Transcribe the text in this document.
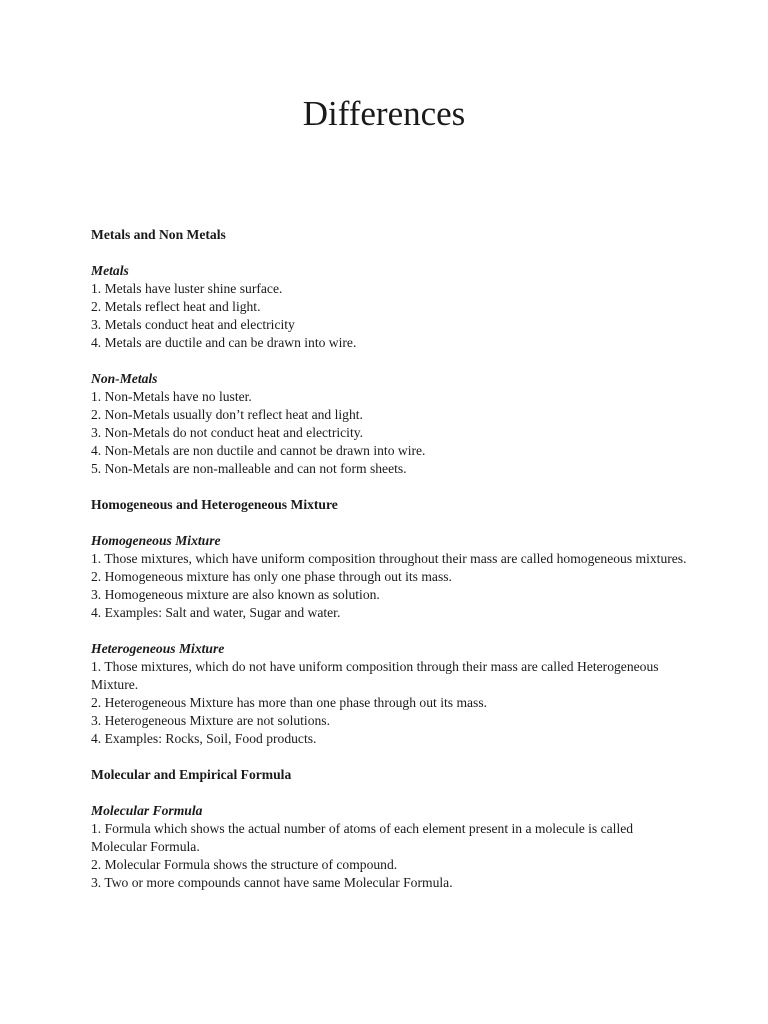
Differences
Metals and Non Metals
Metals
1. Metals have luster shine surface.
2. Metals reflect heat and light.
3. Metals conduct heat and electricity
4. Metals are ductile and can be drawn into wire.
Non-Metals
1. Non-Metals have no luster.
2. Non-Metals usually don’t reflect heat and light.
3. Non-Metals do not conduct heat and electricity.
4. Non-Metals are non ductile and cannot be drawn into wire.
5. Non-Metals are non-malleable and can not form sheets.
Homogeneous and Heterogeneous Mixture
Homogeneous Mixture
1. Those mixtures, which have uniform composition throughout their mass are called homogeneous mixtures.
2. Homogeneous mixture has only one phase through out its mass.
3. Homogeneous mixture are also known as solution.
4. Examples: Salt and water, Sugar and water.
Heterogeneous Mixture
1. Those mixtures, which do not have uniform composition through their mass are called Heterogeneous Mixture.
2. Heterogeneous Mixture has more than one phase through out its mass.
3. Heterogeneous Mixture are not solutions.
4. Examples: Rocks, Soil, Food products.
Molecular and Empirical Formula
Molecular Formula
1. Formula which shows the actual number of atoms of each element present in a molecule is called Molecular Formula.
2. Molecular Formula shows the structure of compound.
3. Two or more compounds cannot have same Molecular Formula.
